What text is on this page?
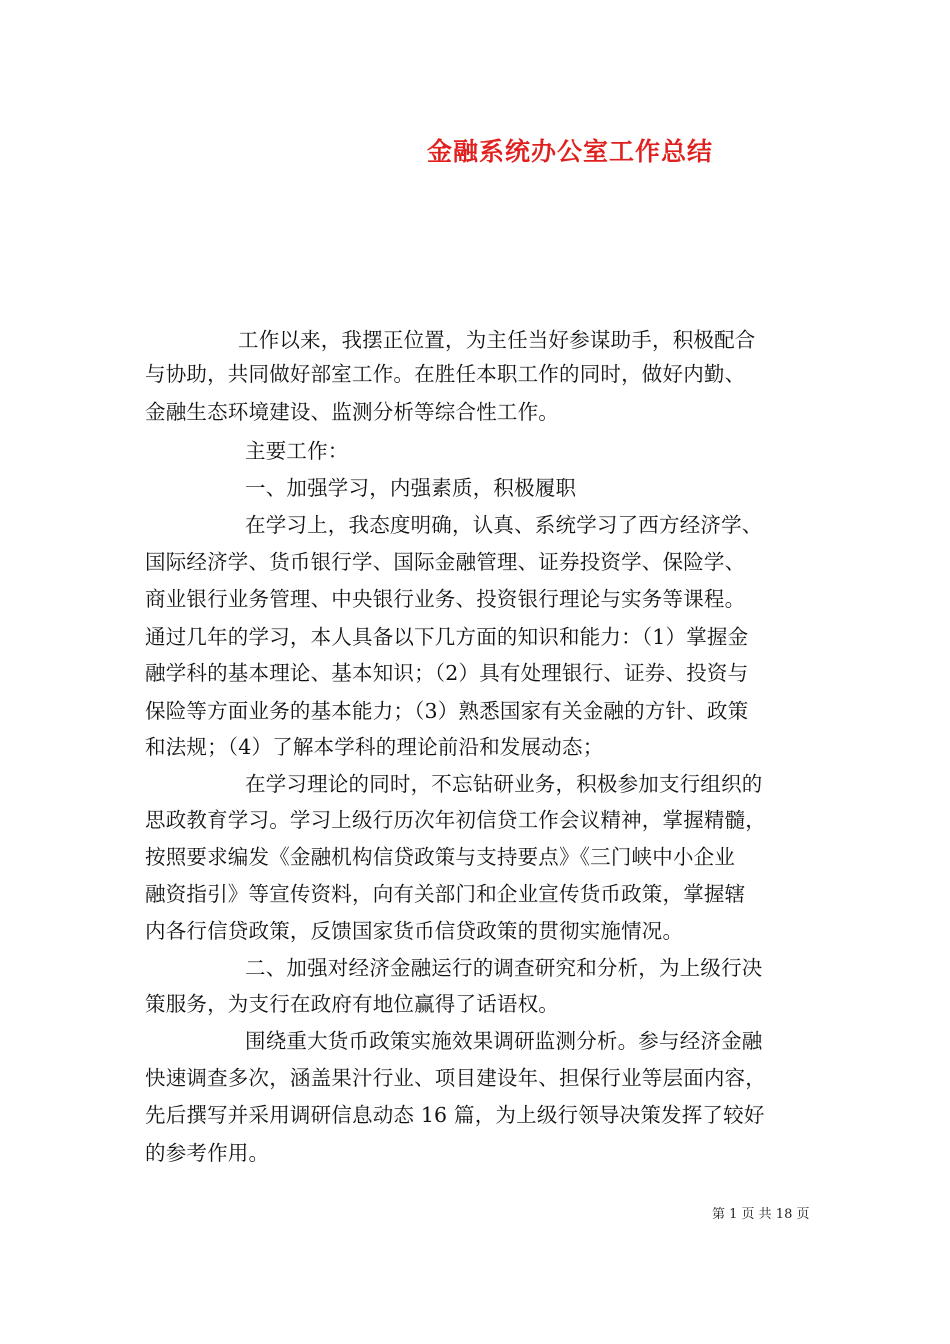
金融系统办公室工作总结
工作以来，我摆正位置，为主任当好参谋助手，积极配合
与协助，共同做好部室工作。在胜任本职工作的同时，做好内勤、
金融生态环境建设、监测分析等综合性工作。
主要工作：
一、加强学习，内强素质，积极履职
在学习上，我态度明确，认真、系统学习了西方经济学、
国际经济学、货币银行学、国际金融管理、证券投资学、保险学、
商业银行业务管理、中央银行业务、投资银行理论与实务等课程。
通过几年的学习，本人具备以下几方面的知识和能力：（1）掌握金
融学科的基本理论、基本知识；（2）具有处理银行、证券、投资与
保险等方面业务的基本能力；（3）熟悉国家有关金融的方针、政策
和法规；（4）了解本学科的理论前沿和发展动态；
在学习理论的同时，不忘钻研业务，积极参加支行组织的
思政教育学习。学习上级行历次年初信贷工作会议精神，掌握精髓，
按照要求编发《金融机构信贷政策与支持要点》《三门峡中小企业
融资指引》等宣传资料，向有关部门和企业宣传货币政策，掌握辖
内各行信贷政策，反馈国家货币信贷政策的贯彻实施情况。
二、加强对经济金融运行的调查研究和分析，为上级行决
策服务，为支行在政府有地位赢得了话语权。
围绕重大货币政策实施效果调研监测分析。参与经济金融
快速调查多次，涵盖果汁行业、项目建设年、担保行业等层面内容，
先后撰写并采用调研信息动态 16 篇，为上级行领导决策发挥了较好
的参考作用。
第 1 页 共 18 页
